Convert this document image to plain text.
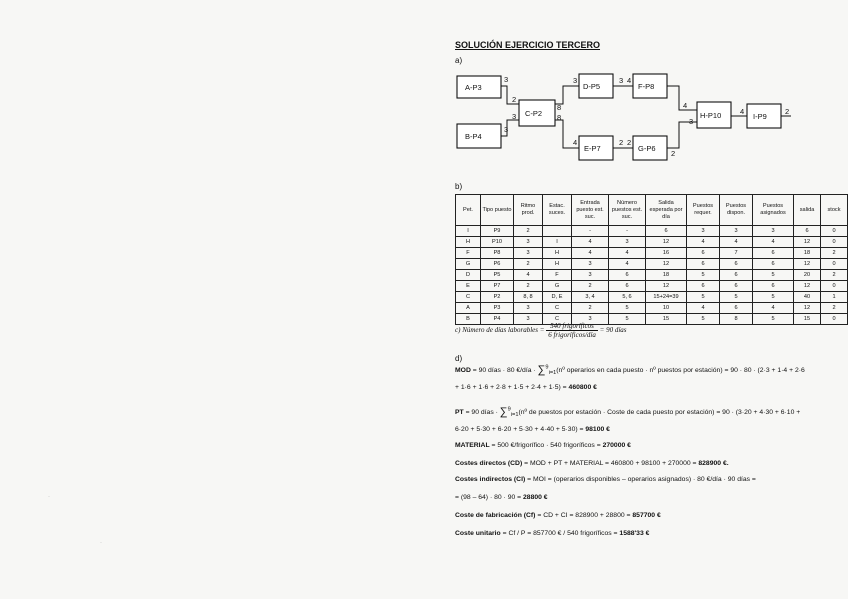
SOLUCIÓN EJERCICIO TERCERO
a)
A-P3
B-P4
C-P2
D-P5	F-P8
E-P7	G-P6
H-P10	I-P9
3
3
2
3
8
8
3
4
3 4
2 2
4
3
4	2
2
b)
Pet.	Tipo puesto	Ritmo prod.	Estac. suces.	Entrada puesto est. suc.	Número puestos est. suc.	Salida esperada por día	Puestos requer.	Puestos dispon.	Puestos asignados	salida	stock
I	P9	2		-	-	6	3	3	3	6	0
H	P10	3	I	4	3	12	4	4	4	12	0
F	P8	3	H	4	4	16	6	7	6	18	2
G	P6	2	H	3	4	12	6	6	6	12	0
D	P5	4	F	3	6	18	5	6	5	20	2
E	P7	2	G	2	6	12	6	6	6	12	0
C	P2	8, 8	D, E	3, 4	5, 6	15+24=39	5	5	5	40	1
A	P3	3	C	2	5	10	4	6	4	12	2
B	P4	3	C	3	5	15	5	8	5	15	0
c) Número de días laborables = $\frac{\text{540 frigoríficos}}{\text{6 frigoríficos/día}} = 90$ días
d)
MOD = 90 días · 80 €/día · ∑$^9_{i=1}$(nº operarios en cada puesto · nº puestos por estación) = 90 · 80 · (2·3 + 1·4 + 2·6
+ 1·6 + 1·6 + 2·8 + 1·5 + 2·4 + 1·5) = 460800 €
PT = 90 días · ∑$^9_{i=1}$(nº de puestos por estación · Coste de cada puesto por estación) = 90 · (3·20 + 4·30 + 6·10 +
6·20 + 5·30 + 6·20 + 5·30 + 4·40 + 5·30) = 98100 €
MATERIAL = 500 €/frigorífico · 540 frigoríficos = 270000 €
Costes directos (CD) = MOD + PT + MATERIAL = 460800 + 98100 + 270000 = 828900 €.
Costes indirectos (CI) = MOI = (operarios disponibles – operarios asignados) · 80 €/día · 90 días =
= (98 – 64) · 80 · 90 = 28800 €
Coste de fabricación (Cf) = CD + CI = 828900 + 28800 = 857700 €
Coste unitario = Cf / P = 857700 € / 540 frigoríficos = 1588'33 €
·
·
